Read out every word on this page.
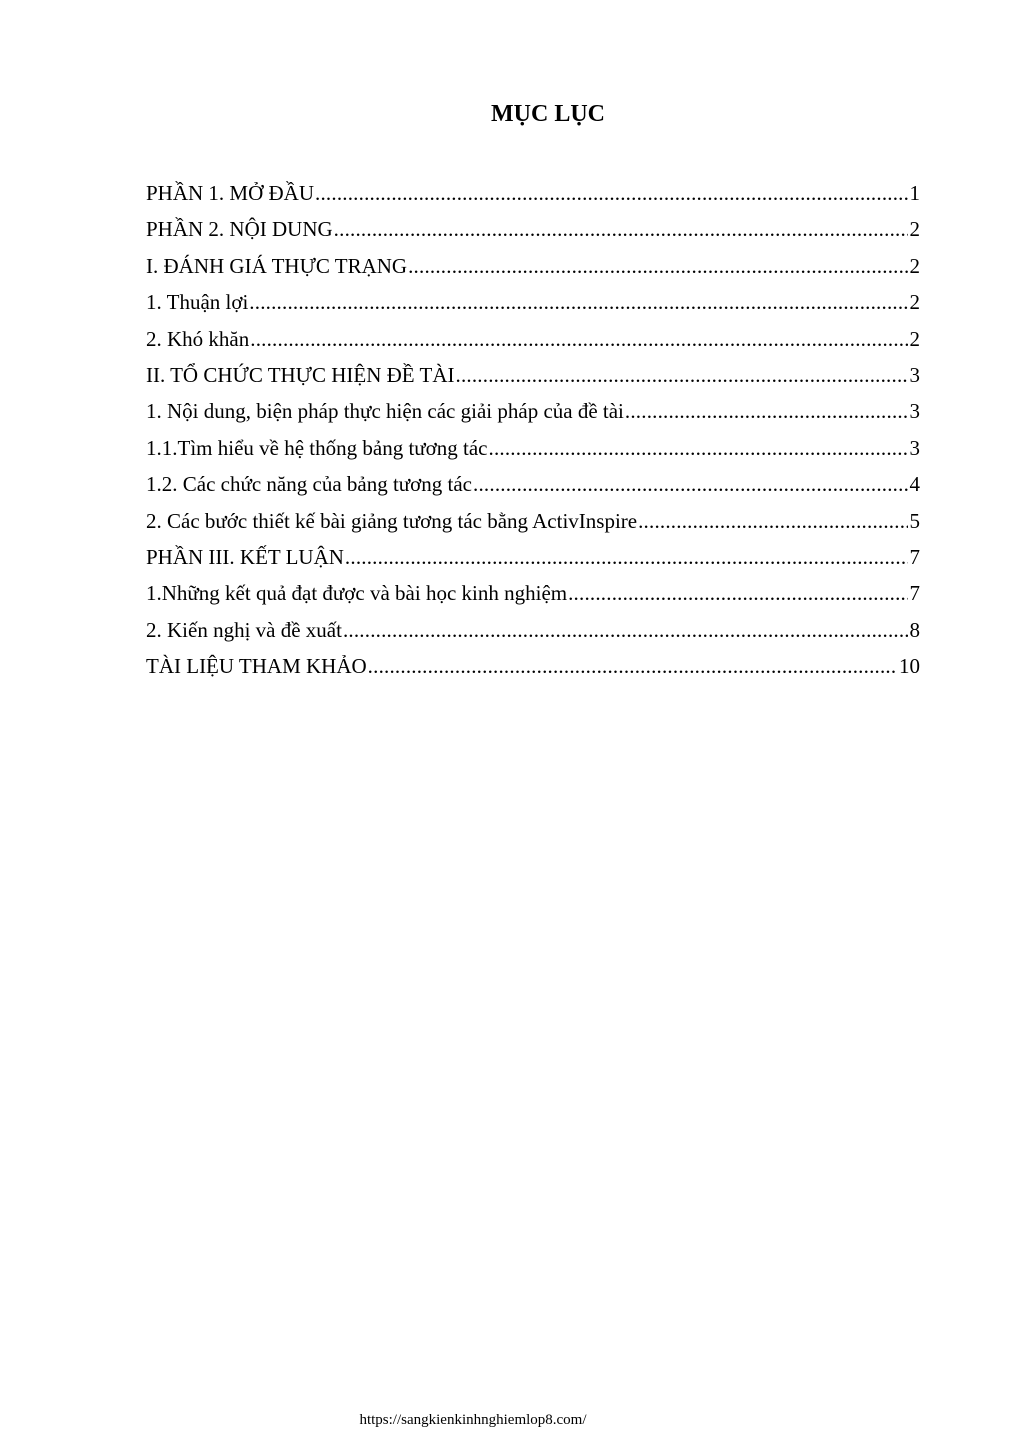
MỤC LỤC
PHẦN 1. MỞ ĐẦU .....	1
PHẦN 2. NỘI DUNG .....	2
I. ĐÁNH GIÁ THỰC TRẠNG .....	2
1. Thuận lợi .....	2
2. Khó khăn .....	2
II. TỔ CHỨC THỰC HIỆN ĐỀ TÀI .....	3
1. Nội dung, biện pháp thực hiện các giải pháp của đề tài .....	3
1.1.Tìm hiểu về hệ thống bảng tương tác .....	3
1.2. Các chức năng của bảng tương tác .....	4
2. Các bước thiết kế bài giảng tương tác bằng ActivInspire .....	5
PHẦN III. KẾT LUẬN .....	7
1.Những kết quả đạt được và bài học kinh nghiệm .....	7
2. Kiến nghị và đề xuất .....	8
TÀI LIỆU THAM KHẢO .....	10
https://sangkienkinhnghiemlop8.com/
